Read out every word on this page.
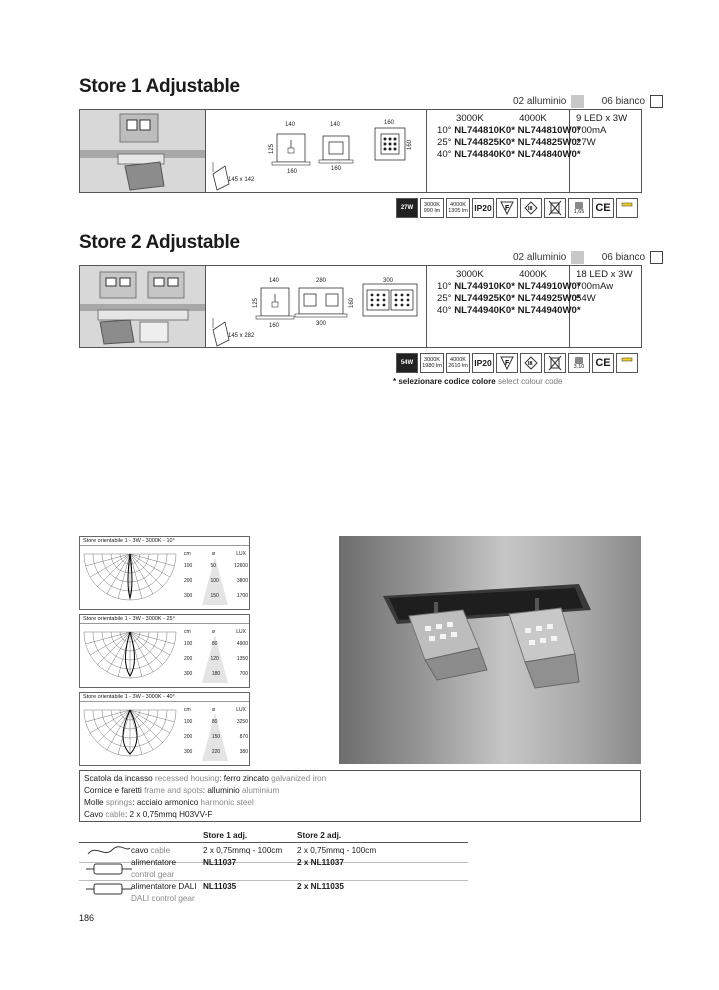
Store 1 Adjustable
02 alluminio	06 bianco
140	140	160
125
160	160
160
145 x 142
3000K	4000K
10° NL744810K0* NL744810W0*
25° NL744825K0* NL744825W0*
40° NL744840K0* NL744840W0*
9 LED x 3W
700mA
27W
27W	3000K
990 lm
4000K
1305 lm IP20	F	III	1,65	CE
Store 2 Adjustable
02 alluminio	06 bianco
140	280	300
125
160	300
160
145 x 282
3000K	4000K
10° NL744910K0* NL744910W0*
25° NL744925K0* NL744925W0*
40° NL744940K0* NL744940W0*
18 LED x 3W
700mAw
54W
54W	3000K
1980 lm
4000K
2610 lm IP20	F	III	3,10	CE
* selezionare codice colore select colour code
Store orientabile 1 - 3W - 3000K - 10°
cm	ø	LUX
100	50	12600
200	100	3800
300	150	1700
Store orientabile 1 - 3W - 3000K - 25°
cm	ø	LUX
100	80	4900
200	120	1350
300	180	700
Store orientabile 1 - 3W - 3000K - 40°
cm	ø	LUX
100	80	3250
200	150	870
300	220	380
Scatola da incasso recessed housing: ferro zincato galvanized iron
Cornice e faretti frame and spots: alluminio aluminium
Molle springs: acciaio armonico harmonic steel
Cavo cable: 2 x 0,75mmq H03VV-F
Store 1 adj.	Store 2 adj.
cavo cable	2 x 0,75mmq - 100cm 2 x 0,75mmq - 100cm
alimentatore
control gear
NL11037	2 x NL11037
alimentatore DALI
DALI control gear
NL11035	2 x NL11035
186
